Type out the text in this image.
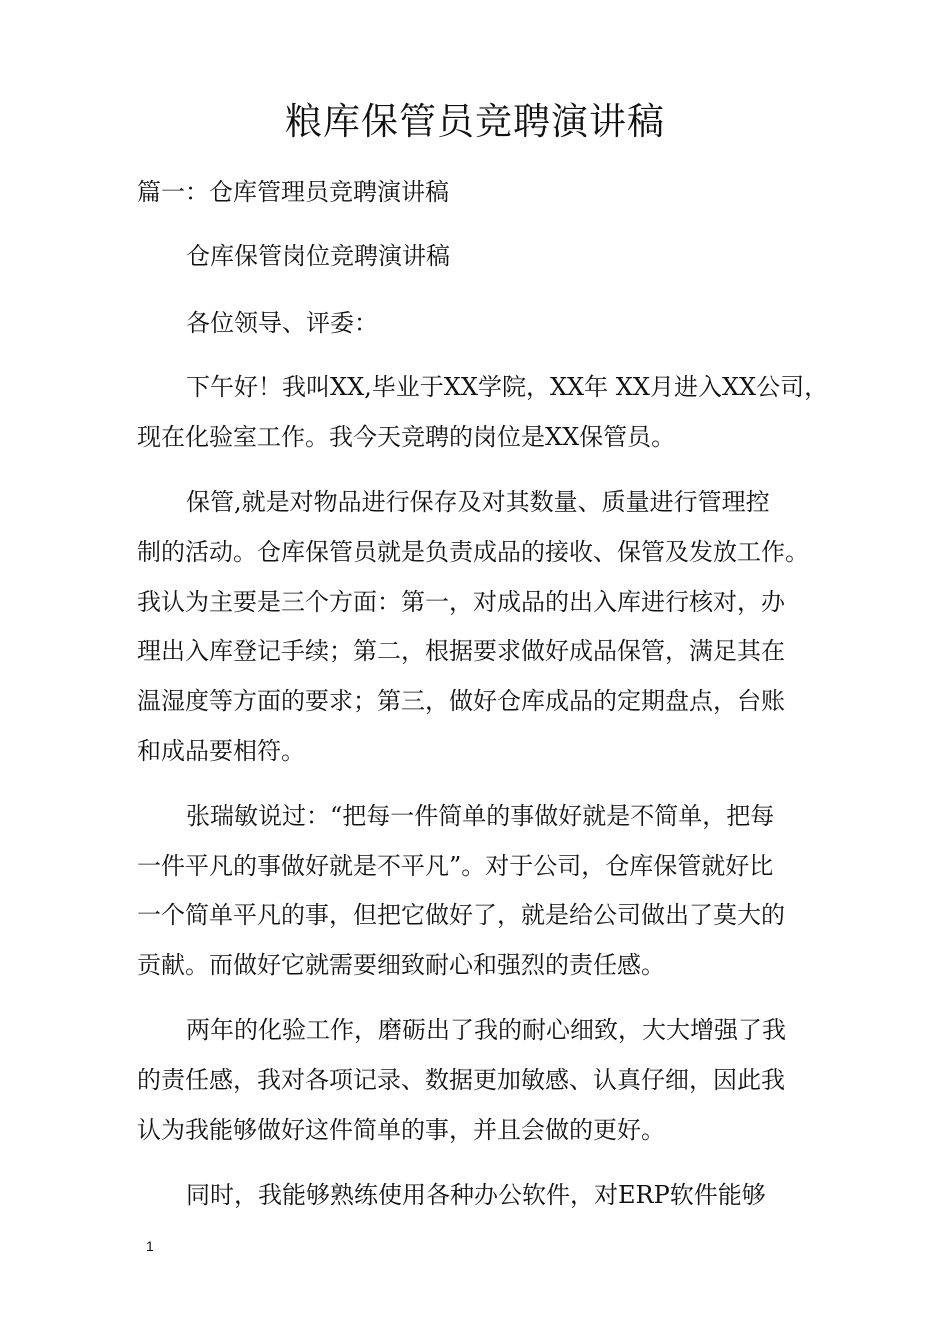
粮库保管员竞聘演讲稿

篇一：仓库管理员竞聘演讲稿

仓库保管岗位竞聘演讲稿

各位领导、评委：

下午好！我叫XX,毕业于XX学院，XX年 XX月进入XX公司，

现在化验室工作。我今天竞聘的岗位是XX保管员。

保管,就是对物品进行保存及对其数量、质量进行管理控

制的活动。仓库保管员就是负责成品的接收、保管及发放工作。

我认为主要是三个方面：第一，对成品的出入库进行核对，办

理出入库登记手续；第二，根据要求做好成品保管，满足其在

温湿度等方面的要求；第三，做好仓库成品的定期盘点，台账

和成品要相符。

张瑞敏说过：“把每一件简单的事做好就是不简单，把每

一件平凡的事做好就是不平凡”。对于公司，仓库保管就好比

一个简单平凡的事，但把它做好了，就是给公司做出了莫大的

贡献。而做好它就需要细致耐心和强烈的责任感。

两年的化验工作，磨砺出了我的耐心细致，大大增强了我

的责任感，我对各项记录、数据更加敏感、认真仔细，因此我

认为我能够做好这件简单的事，并且会做的更好。

同时，我能够熟练使用各种办公软件，对ERP软件能够

1
